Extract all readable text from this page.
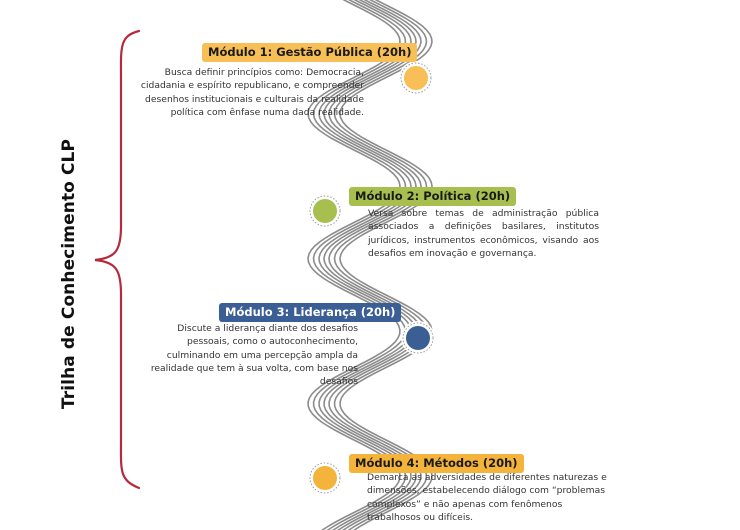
Trilha de Conhecimento CLP
Módulo 1: Gestão Pública (20h)
Busca definir princípios como: Democracia, cidadania e espírito republicano, e compreender desenhos institucionais e culturais da realidade política com ênfase numa dada realidade.
Módulo 2: Política (20h)
Versa sobre temas de administração pública associados a definições basilares, institutos jurídicos, instrumentos econômicos, visando aos desafios em inovação e governança.
Módulo 3: Liderança (20h)
Discute a liderança diante dos desafios pessoais, como o autoconhecimento, culminando em uma percepção ampla da realidade que tem à sua volta, com base nos desafios
Módulo 4: Métodos (20h)
Demarca as adversidades de diferentes naturezas e dimensões, estabelecendo diálogo com “problemas complexos” e não apenas com fenômenos trabalhosos ou difíceis.
